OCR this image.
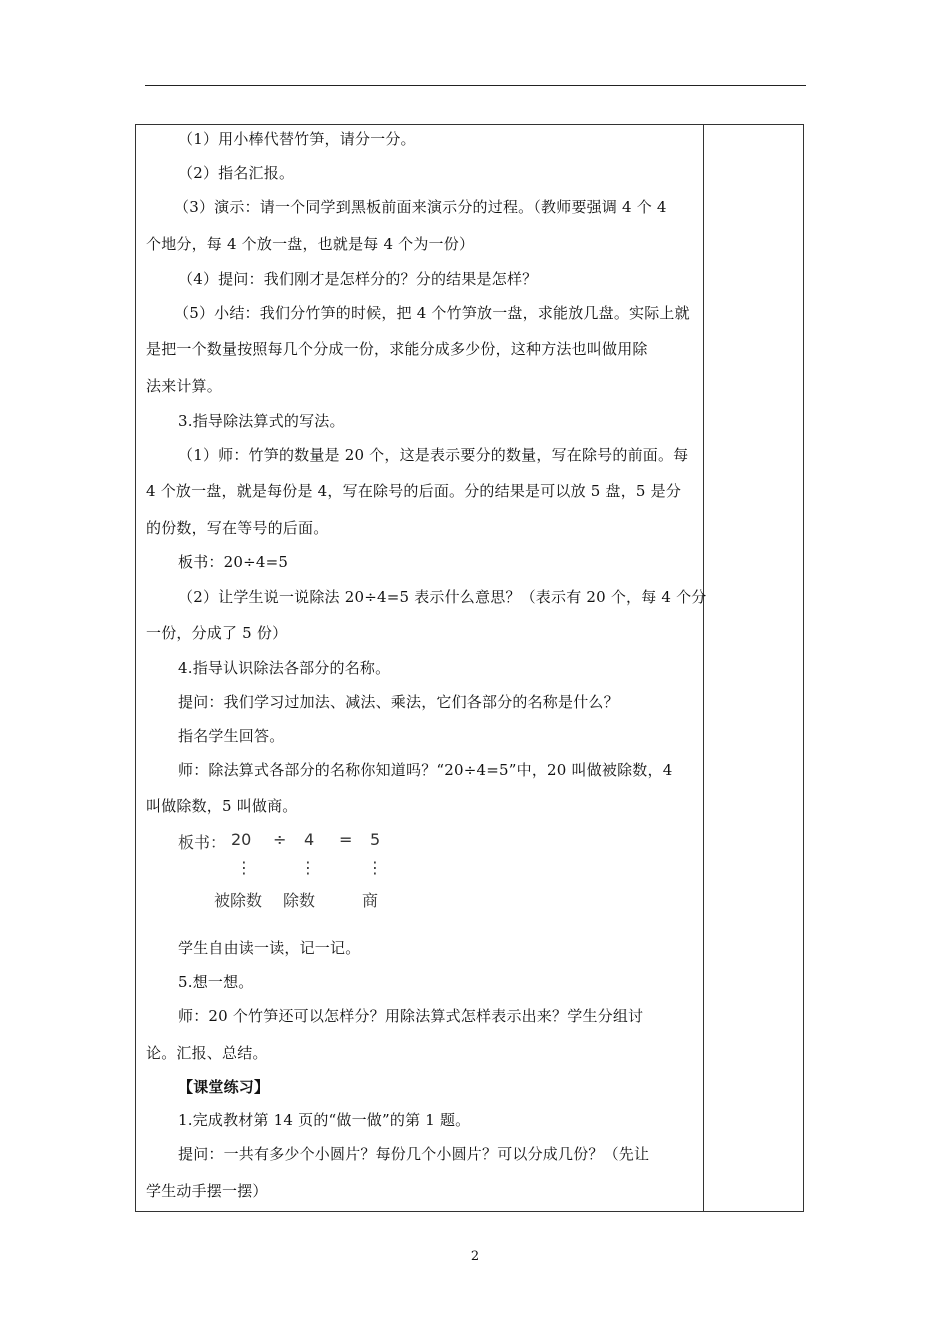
（1）用小棒代替竹笋，请分一分。
（2）指名汇报。
（3）演示：请一个同学到黑板前面来演示分的过程。（教师要强调 4 个 4
个地分，每 4 个放一盘，也就是每 4 个为一份）
（4）提问：我们刚才是怎样分的？分的结果是怎样？
（5）小结：我们分竹笋的时候，把 4 个竹笋放一盘，求能放几盘。实际上就
是把一个数量按照每几个分成一份，求能分成多少份，这种方法也叫做用除
法来计算。
3.指导除法算式的写法。
（1）师：竹笋的数量是 20 个，这是表示要分的数量，写在除号的前面。每
4 个放一盘，就是每份是 4，写在除号的后面。分的结果是可以放 5 盘，5 是分
的份数，写在等号的后面。
板书：20÷4=5
（2）让学生说一说除法 20÷4=5 表示什么意思？（表示有 20 个，每 4 个分
一份，分成了 5 份）
4.指导认识除法各部分的名称。
提问：我们学习过加法、减法、乘法，它们各部分的名称是什么？
指名学生回答。
师：除法算式各部分的名称你知道吗？“20÷4=5”中，20 叫做被除数，4
叫做除数，5 叫做商。
板书： 20 ÷ 4 = 5
⋮	⋮	⋮
被除数 除数	商
学生自由读一读，记一记。
5.想一想。
师：20 个竹笋还可以怎样分？用除法算式怎样表示出来？学生分组讨
论。汇报、总结。
【课堂练习】
1.完成教材第 14 页的“做一做”的第 1 题。
提问：一共有多少个小圆片？每份几个小圆片？可以分成几份？（先让
学生动手摆一摆）
2
